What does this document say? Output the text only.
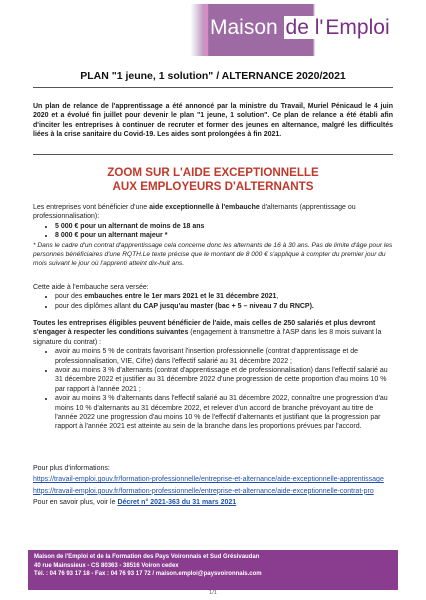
Maison de l'Emploi
PLAN "1 jeune, 1 solution" / ALTERNANCE 2020/2021
Un plan de relance de l'apprentissage a été annoncé par la ministre du Travail, Muriel Pénicaud le 4 juin 2020 et a évolué fin juillet pour devenir le plan "1 jeune, 1 solution". Ce plan de relance a été établi afin d'inciter les entreprises à continuer de recruter et former des jeunes en alternance, malgré les difficultés liées à la crise sanitaire du Covid-19. Les aides sont prolongées à fin 2021.
ZOOM SUR L'AIDE EXCEPTIONNELLE
AUX EMPLOYEURS D'ALTERNANTS
Les entreprises vont bénéficier d'une aide exceptionnelle à l'embauche d'alternants (apprentissage ou professionnalisation):
• 5 000 € pour un alternant de moins de 18 ans
• 8 000 € pour un alternant majeur *
* Dans le cadre d'un contrat d'apprentissage cela concerne donc les alternants de 16 à 30 ans. Pas de limite d'âge pour les personnes bénéficiaires d'une RQTH.Le texte précise que le montant de 8 000 € s'applique à compter du premier jour du mois suivant le jour où l'apprenti atteint dix-huit ans.
Cette aide à l'embauche sera versée:
• pour des embauches entre le 1er mars 2021 et le 31 décembre 2021,
• pour des diplômes allant du CAP jusqu'au master (bac + 5 – niveau 7 du RNCP).
Toutes les entreprises éligibles peuvent bénéficier de l'aide, mais celles de 250 salariés et plus devront s'engager à respecter les conditions suivantes (engagement à transmettre à l'ASP dans les 8 mois suivant la signature du contrat) :
• avoir au moins 5 % de contrats favorisant l'insertion professionnelle (contrat d'apprentissage et de professionnalisation, VIE, Cifre) dans l'effectif salarié au 31 décembre 2022 ;
• avoir au moins 3 % d'alternants (contrat d'apprentissage et de professionnalisation) dans l'effectif salarié au 31 décembre 2022 et justifier au 31 décembre 2022 d'une progression de cette proportion d'au moins 10 % par rapport à l'année 2021 ;
• avoir au moins 3 % d'alternants dans l'effectif salarié au 31 décembre 2022, connaître une progression d'au moins 10 % d'alternants au 31 décembre 2022, et relever d'un accord de branche prévoyant au titre de l'année 2022 une progression d'au moins 10 % de l'effectif d'alternants et justifiant que la progression par rapport à l'année 2021 est atteinte au sein de la branche dans les proportions prévues par l'accord.
Pour plus d'informations:
https://travail-emploi.gouv.fr/formation-professionnelle/entreprise-et-alternance/aide-exceptionnelle-apprentissage
https://travail-emploi.gouv.fr/formation-professionnelle/entreprise-et-alternance/aide-exceptionnelle-contrat-pro
Pour en savoir plus, voir le Décret n° 2021-363 du 31 mars 2021
Maison de l'Emploi et de la Formation des Pays Voironnais et Sud Grésivaudan
40 rue Mainssieux - CS 80363 - 38516 Voiron cedex
Tél. : 04 76 93 17 18 - Fax : 04 76 93 17 72 / maison.emploi@paysvoironnais.com
1/1
